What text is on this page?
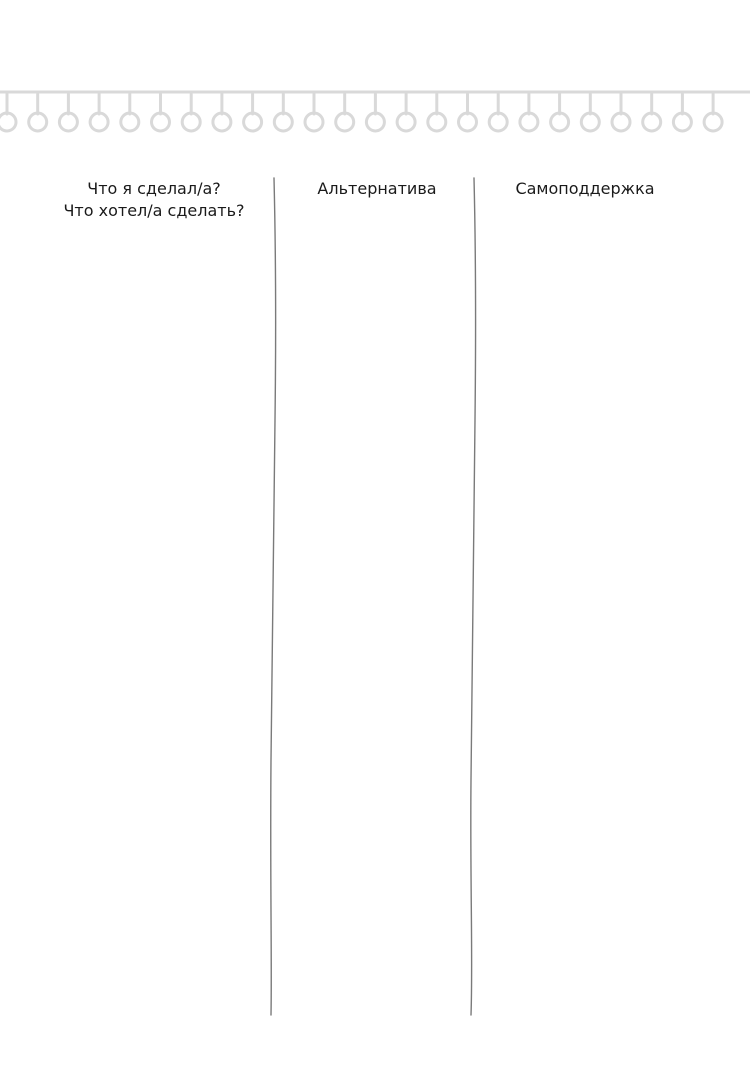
Что я сделал/а?
Что хотел/а сделать?
Альтернатива	Самоподдержка
